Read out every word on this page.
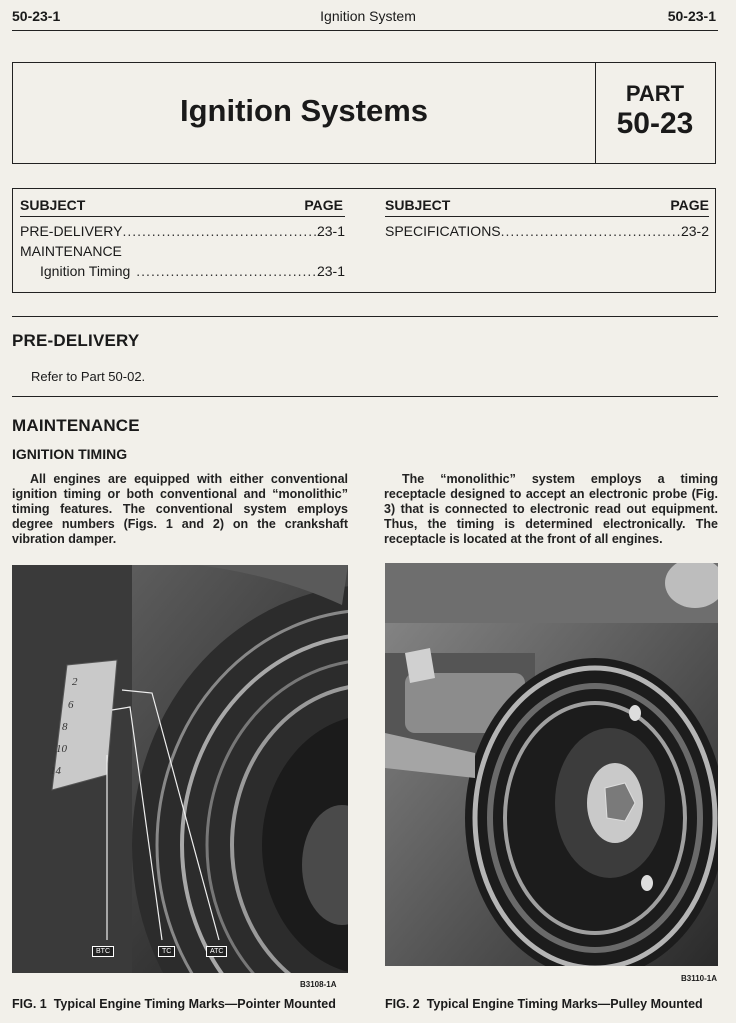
50-23-1	Ignition System	50-23-1
Ignition Systems	PART
50-23
SUBJECT	PAGE	SUBJECT	PAGE
PRE-DELIVERY .....	23-1
MAINTENANCE
Ignition Timing .....	23-1
SPECIFICATIONS .....	23-2
PRE-DELIVERY
Refer to Part 50-02.
MAINTENANCE
IGNITION TIMING
All engines are equipped with either conventional ignition timing or both conventional and “monolithic” timing features. The conventional system employs degree numbers (Figs. 1 and 2) on the crankshaft vibration damper.
The “monolithic” system employs a timing receptacle designed to accept an electronic probe (Fig. 3) that is connected to electronic read out equipment. Thus, the timing is determined electronically. The receptacle is located at the front of all engines.
2
6
8
10
14
BTC	TC	ATC
B3108-1A
FIG. 1 Typical Engine Timing Marks—Pointer Mounted
B3110-1A
FIG. 2 Typical Engine Timing Marks—Pulley Mounted
